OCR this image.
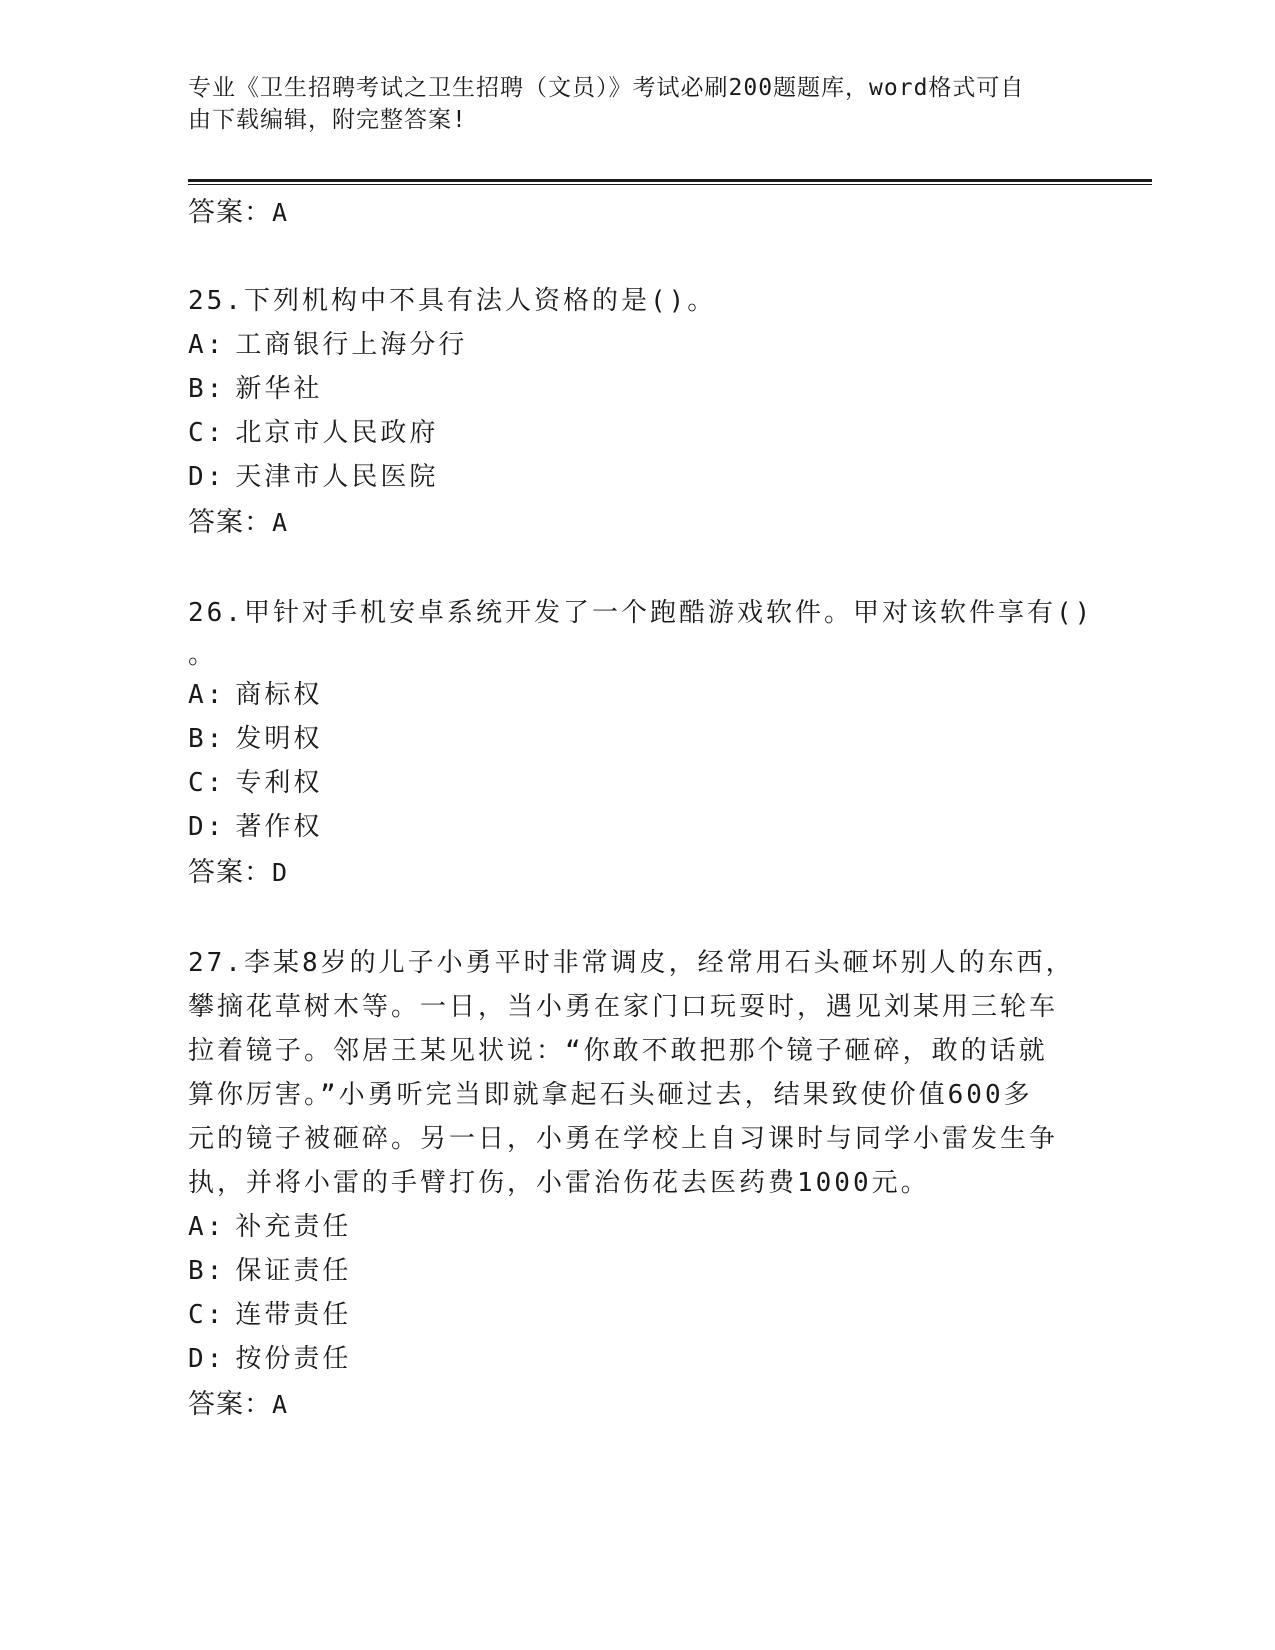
专业《卫生招聘考试之卫生招聘（文员）》考试必刷200题题库，word格式可自
由下载编辑，附完整答案!
答案：A
25.下列机构中不具有法人资格的是()。
A: 工商银行上海分行
B: 新华社
C: 北京市人民政府
D: 天津市人民医院
答案：A
26.甲针对手机安卓系统开发了一个跑酷游戏软件。甲对该软件享有()
。
A: 商标权
B: 发明权
C: 专利权
D: 著作权
答案：D
27.李某8岁的儿子小勇平时非常调皮，经常用石头砸坏别人的东西，
攀摘花草树木等。一日，当小勇在家门口玩耍时，遇见刘某用三轮车
拉着镜子。邻居王某见状说：“你敢不敢把那个镜子砸碎，敢的话就
算你厉害。”小勇听完当即就拿起石头砸过去，结果致使价值600多
元的镜子被砸碎。另一日，小勇在学校上自习课时与同学小雷发生争
执，并将小雷的手臂打伤，小雷治伤花去医药费1000元。
A: 补充责任
B: 保证责任
C: 连带责任
D: 按份责任
答案：A
